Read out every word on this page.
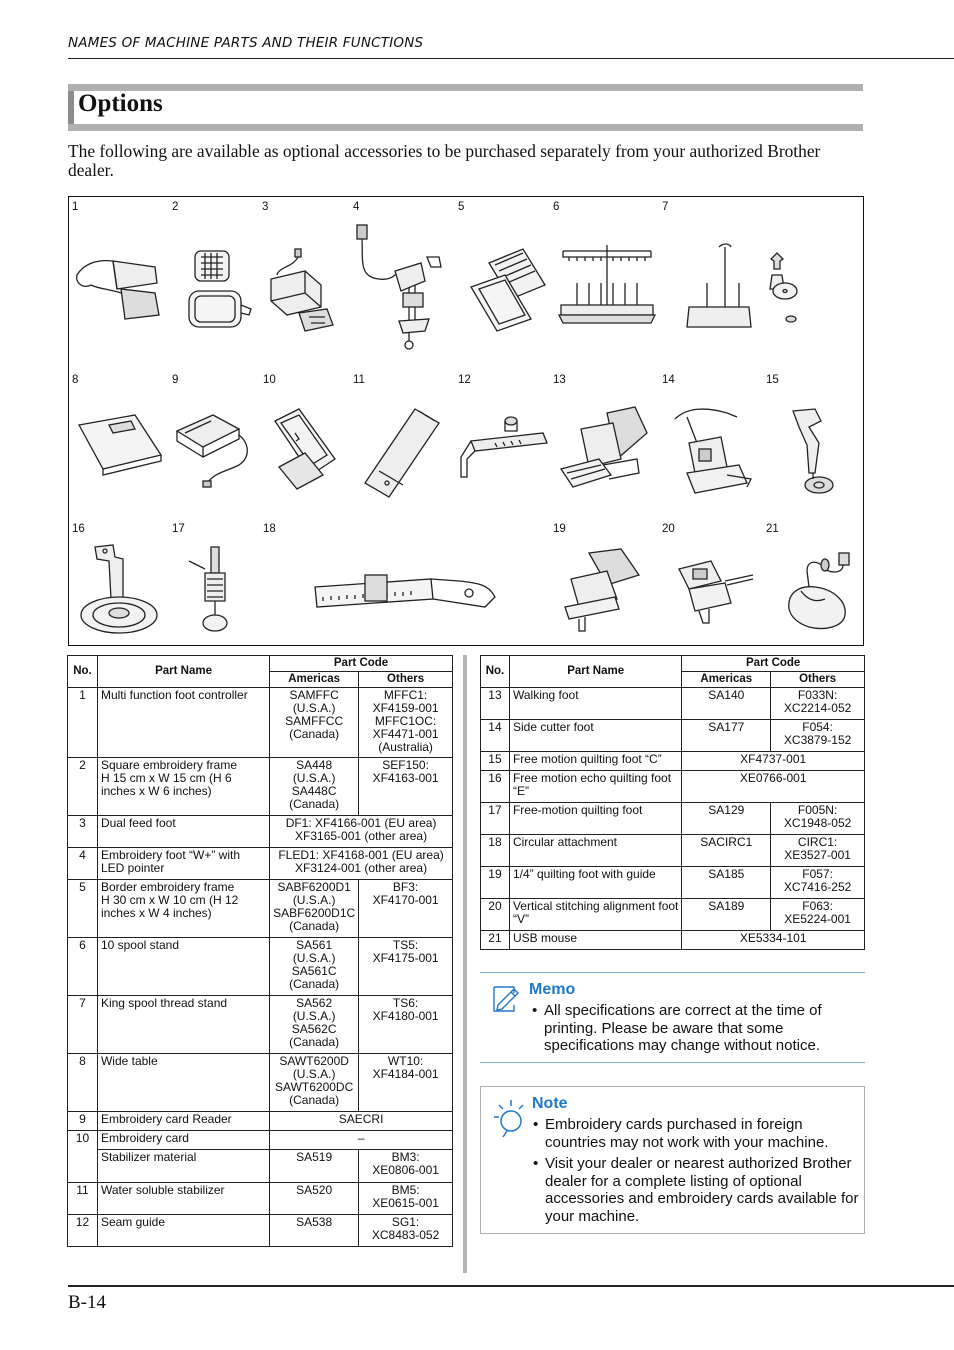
NAMES OF MACHINE PARTS AND THEIR FUNCTIONS
Options

The following are available as optional accessories to be purchased separately from your authorized Brother dealer.

1	2	3	4	5	6	7
8	9	10	11	12	13	14	15
16	17	18	19	20	21
No.	Part Name	Part Code	
		Americas	Others
1	Multi function foot controller	SAMFFC
(U.S.A.)
SAMFFCC
(Canada)	MFFC1:
XF4159-001
MFFC1OC:
XF4471-001
(Australia)
2	Square embroidery frame
H 15 cm x W 15 cm (H 6 inches x W 6 inches)	SA448
(U.S.A.)
SA448C
(Canada)	SEF150:
XF4163-001
3	Dual feed foot	DF1: XF4166-001 (EU area)
XF3165-001 (other area)	
4	Embroidery foot “W+” with LED pointer	FLED1: XF4168-001 (EU area)
XF3124-001 (other area)	
5	Border embroidery frame
H 30 cm x W 10 cm (H 12 inches x W 4 inches)	SABF6200D1
(U.S.A.)
SABF6200D1C
(Canada)	BF3:
XF4170-001
6	10 spool stand	SA561
(U.S.A.)
SA561C
(Canada)	TS5:
XF4175-001
7	King spool thread stand	SA562
(U.S.A.)
SA562C
(Canada)	TS6:
XF4180-001
8	Wide table	SAWT6200D
(U.S.A.)
SAWT6200DC
(Canada)	WT10:
XF4184-001
9	Embroidery card Reader	SAECRI	
10	Embroidery card	–	
	Stabilizer material	SA519	BM3:
XE0806-001
11	Water soluble stabilizer	SA520	BM5:
XE0615-001
12	Seam guide	SA538	SG1:
XC8483-052
No.	Part Name	Part Code	
		Americas	Others
13	Walking foot	SA140	F033N:
XC2214-052
14	Side cutter foot	SA177	F054:
XC3879-152
15	Free motion quilting foot “C”	XF4737-001	
16	Free motion echo quilting foot “E”	XE0766-001	
17	Free-motion quilting foot	SA129	F005N:
XC1948-052
18	Circular attachment	SACIRC1	CIRC1:
XE3527-001
19	1/4” quilting foot with guide	SA185	F057:
XC7416-252
20	Vertical stitching alignment foot “V”	SA189	F063:
XE5224-001
21	USB mouse	XE5334-101	
Memo
• All specifications are correct at the time of printing. Please be aware that some specifications may change without notice.
Note
• Embroidery cards purchased in foreign countries may not work with your machine.
• Visit your dealer or nearest authorized Brother dealer for a complete listing of optional accessories and embroidery cards available for your machine.
B-14
